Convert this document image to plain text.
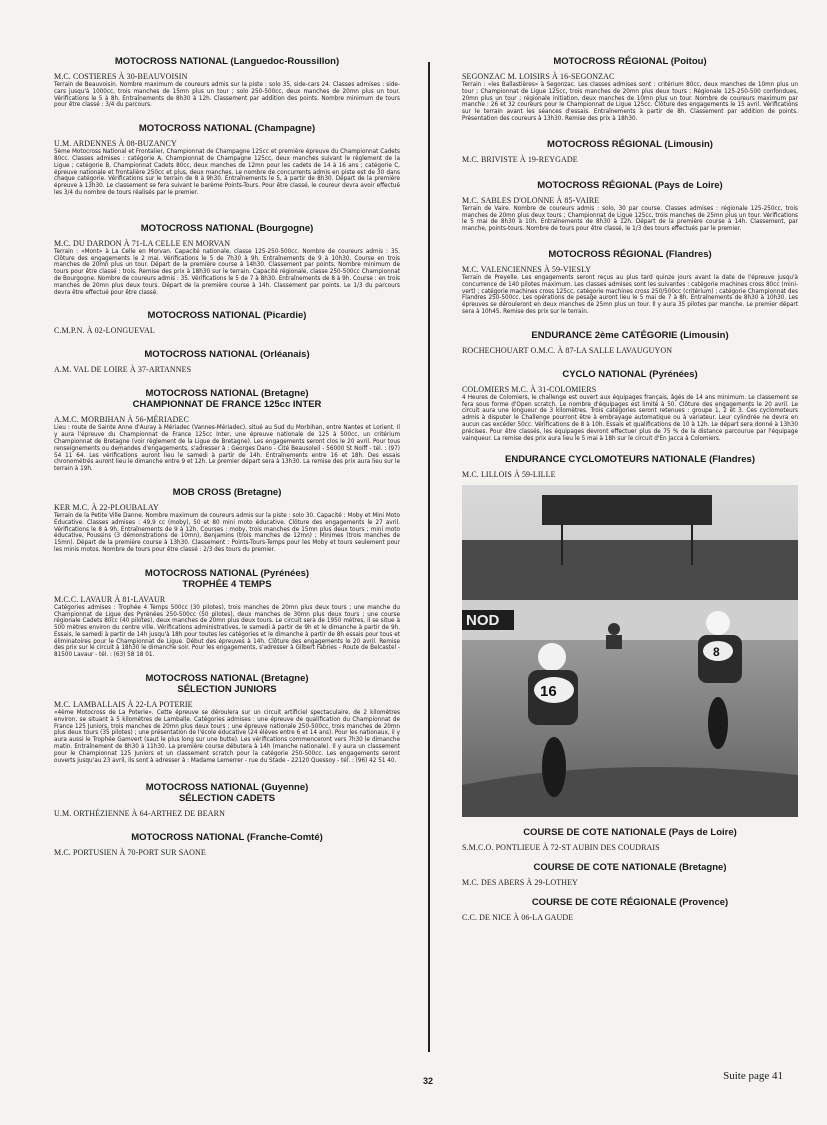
MOTOCROSS NATIONAL (Languedoc-Roussillon)

M.C. COSTIERES À 30-BEAUVOISIN

Terrain de Beauvoisin. Nombre maximum de coureurs admis sur la piste : solo 35, side-cars 24. Classes admises : side-cars jusqu'à 1000cc, trois manches de 15mn plus un tour ; solo 250-500cc, deux manches de 20mn plus un tour. Vérifications le 5 à 8h. Entraînements de 8h30 à 12h. Classement par addition des points. Nombre minimum de tours pour être classé : 3/4 du parcours.

MOTOCROSS NATIONAL (Champagne)

U.M. ARDENNES À 08-BUZANCY

5ème Motocross National et Frontalier, Championnat de Champagne 125cc et première épreuve du Championnat Cadets 80cc. Classes admises : catégorie A, Championnat de Champagne 125cc, deux manches suivant le règlement de la Ligue ; catégorie B, Championnat Cadets 80cc, deux manches de 12mn pour les cadets de 14 à 16 ans ; catégorie C, épreuve nationale et frontalière 250cc et plus, deux manches. Le nombre de concurrents admis en piste est de 30 dans chaque catégorie. Vérifications sur le terrain de 8 à 9h30. Entraînements le 5, à partir de 8h30. Départ de la première épreuve à 13h30. Le classement se fera suivant le barème Points-Tours. Pour être classé, le coureur devra avoir effectué les 3/4 du nombre de tours réalisés par le premier.

MOTOCROSS NATIONAL (Bourgogne)

M.C. DU DARDON À 71-LA CELLE EN MORVAN

Terrain : «Mont» à La Celle en Morvan. Capacité nationale, classe 125-250-500cc. Nombre de coureurs admis : 35. Clôture des engagements le 2 mai. Vérifications le 5 de 7h30 à 9h. Entraînements de 9 à 10h30. Course en trois manches de 20mn plus un tour. Départ de la première course à 14h30. Classement par points. Nombre minimum de tours pour être classé : trois. Remise des prix à 18h30 sur le terrain. Capacité régionale, classe 250-500cc Championnat de Bourgogne. Nombre de coureurs admis : 35. Vérifications le 5 de 7 à 8h30. Entraînements de 8 à 9h. Course : en trois manches de 20mn plus deux tours. Départ de la première course à 14h. Classement par points. Le 1/3 du parcours devra être effectué pour être classé.

MOTOCROSS NATIONAL (Picardie)

C.M.P.N. À 02-LONGUEVAL

MOTOCROSS NATIONAL (Orléanais)

A.M. VAL DE LOIRE À 37-ARTANNES

MOTOCROSS NATIONAL (Bretagne)
CHAMPIONNAT DE FRANCE 125cc INTER

A.M.C. MORBIHAN À 56-MÉRIADEC

Lieu : route de Sainte Anne d'Auray à Mériadec (Vannes-Mériadec), situé au Sud du Morbihan, entre Nantes et Lorient. Il y aura l'épreuve du Championnat de France 125cc Inter, une épreuve nationale de 125 à 500cc, un critérium Championnat de Bretagne (voir règlement de la Ligue de Bretagne). Les engagements seront clos le 20 avril. Pour tous renseignements ou demandes d'engagements, s'adresser à : Georges Dano - Cité Beausoleil - 56000 St Noiff - tél. : (97) 54 11 64. Les vérifications auront lieu le samedi à partir de 14h. Entraînements entre 16 et 18h. Des essais chronométrés auront lieu le dimanche entre 9 et 12h. Le premier départ sera à 13h30. La remise des prix aura lieu sur le terrain à 19h.

MOB CROSS (Bretagne)

KER M.C. À 22-PLOUBALAY

Terrain de la Petite Ville Danne. Nombre maximum de coureurs admis sur la piste : solo 30. Capacité : Moby et Mini Moto Éducative. Classes admises : 49,9 cc (moby), 50 et 80 mini moto éducative. Clôture des engagements le 27 avril. Vérifications le 8 à 9h. Entraînements de 9 à 12h. Courses : moby, trois manches de 15mn plus deux tours ; mini moto éducative, Poussins (3 démonstrations de 10mn), Benjamins (trois manches de 12mn) ; Minimes (trois manches de 15mn). Départ de la première course à 13h30. Classement : Points-Tours-Temps pour les Moby et tours seulement pour les minis motos. Nombre de tours pour être classé : 2/3 des tours du premier.

MOTOCROSS NATIONAL (Pyrénées)
TROPHÉE 4 TEMPS

M.C.C. LAVAUR À 81-LAVAUR

Catégories admises : Trophée 4 Temps 500cc (30 pilotes), trois manches de 20mn plus deux tours ; une manche du Championnat de Ligue des Pyrénées 250-500cc (50 pilotes), deux manches de 30mn plus deux tours ; une course régionale Cadets 80cc (40 pilotes), deux manches de 20mn plus deux tours. Le circuit sera de 1950 mètres, il se situe à 500 mètres environ du centre ville. Vérifications administratives, le samedi à partir de 9h et le dimanche à partir de 9h. Essais, le samedi à partir de 14h jusqu'à 18h pour toutes les catégories et le dimanche à partir de 8h essais pour tous et éliminatoires pour le Championnat de Ligue. Début des épreuves à 14h. Clôture des engagements le 20 avril. Remise des prix sur le circuit à 18h30 le dimanche soir. Pour les engagements, s'adresser à Gilbert Fabries - Route de Belcastel - 81500 Lavaur - tél. : (63) 58 18 01.

MOTOCROSS NATIONAL (Bretagne)
SÉLECTION JUNIORS

M.C. LAMBALLAIS À 22-LA POTERIE

«4ème Motocross de La Poterie». Cette épreuve se déroulera sur un circuit artificiel spectaculaire, de 2 kilomètres environ, se situant à 5 kilomètres de Lamballe. Catégories admises : une épreuve de qualification du Championnat de France 125 Juniors, trois manches de 20mn plus deux tours ; une épreuve nationale 250-500cc, trois manches de 20mn plus deux tours (35 pilotes) ; une présentation de l'école éducative (24 élèves entre 6 et 14 ans). Pour les nationaux, il y aura aussi le Trophée Gamvert (saut le plus long sur une butte). Les vérifications commenceront vers 7h30 le dimanche matin. Entraînement de 8h30 à 11h30. La première course débutera à 14h (manche nationale). Il y aura un classement pour le Championnat 125 Juniors et un classement scratch pour la catégorie 250-500cc. Les engagements seront ouverts jusqu'au 23 avril, ils sont à adresser à : Madame Lemerrer - rue du Stade - 22120 Quessoy - tél. : (96) 42 51 40.

MOTOCROSS NATIONAL (Guyenne)
SÉLECTION CADETS

U.M. ORTHÉZIENNE À 64-ARTHEZ DE BEARN

MOTOCROSS NATIONAL (Franche-Comté)

M.C. PORTUSIEN À 70-PORT SUR SAONE

MOTOCROSS RÉGIONAL (Poitou)

SEGONZAC M. LOISIRS À 16-SEGONZAC

Terrain : «les Ballastières» à Segonzac. Les classes admises sont : critérium 80cc, deux manches de 10mn plus un tour ; Championnat de Ligue 125cc, trois manches de 20mn plus deux tours ; Régionale 125-250-500 confondues, 20mn plus un tour ; régionale initiation, deux manches de 10mn plus un tour. Nombre de coureurs maximum par manche : 26 et 32 coureurs pour le Championnat de Ligue 125cc. Clôture des engagements le 15 avril. Vérifications sur le terrain avant les séances d'essais. Entraînements à partir de 8h. Classement par addition de points. Présentation des coureurs à 13h30. Remise des prix à 18h30.

MOTOCROSS RÉGIONAL (Limousin)

M.C. BRIVISTE À 19-REYGADE

MOTOCROSS RÉGIONAL (Pays de Loire)

M.C. SABLES D'OLONNE À 85-VAIRE

Terrain de Vaire. Nombre de coureurs admis : solo, 30 par course. Classes admises : régionale 125-250cc, trois manches de 20mn plus deux tours ; Championnat de Ligue 125cc, trois manches de 25mn plus un tour. Vérifications le 5 mai de 8h30 à 10h. Entraînements de 8h30 à 12h. Départ de la première course à 14h. Classement, par manche, points-tours. Nombre de tours pour être classé, le 1/3 des tours effectués par le premier.

MOTOCROSS RÉGIONAL (Flandres)

M.C. VALENCIENNES À 59-VIESLY

Terrain de Preyelle. Les engagements seront reçus au plus tard quinze jours avant la date de l'épreuve jusqu'à concurrence de 140 pilotes maximum. Les classes admises sont les suivantes : catégorie machines cross 80cc (mini-vert) ; catégorie machines cross 125cc, catégorie machines cross 250/500cc (critérium) ; catégorie Championnat des Flandres 250-500cc. Les opérations de pesage auront lieu le 5 mai de 7 à 8h. Entraînements de 8h30 à 10h30. Les épreuves se dérouleront en deux manches de 25mn plus un tour. Il y aura 35 pilotes par manche. Le premier départ sera à 10h45. Remise des prix sur le terrain.

ENDURANCE 2ème CATÉGORIE (Limousin)

ROCHECHOUART O.M.C. À 87-LA SALLE LAVAUGUYON

CYCLO NATIONAL (Pyrénées)

COLOMIERS M.C. À 31-COLOMIERS

4 Heures de Colomiers, le challenge est ouvert aux équipages français, âgés de 14 ans minimum. Le classement se fera sous forme d'Open scratch. Le nombre d'équipages est limité à 50. Clôture des engagements le 20 avril. Le circuit aura une longueur de 3 kilomètres. Trois catégories seront retenues : groupe 1, 2 et 3. Ces cyclomoteurs admis à disputer le Challenge pourront être à embrayage automatique ou à variateur. Leur cylindrée ne devra en aucun cas excéder 50cc. Vérifications de 8 à 10h. Essais et qualifications de 10 à 12h. Le départ sera donné à 13h30 précises. Pour être classés, les équipages devront effectuer plus de 75 % de la distance parcourue par l'équipage vainqueur. La remise des prix aura lieu le 5 mai à 18h sur le circuit d'En Jacca à Colomiers.

ENDURANCE CYCLOMOTEURS NATIONALE (Flandres)

M.C. LILLOIS À 59-LILLE

NOD
16
8

COURSE DE COTE NATIONALE (Pays de Loire)

S.M.C.O. PONTLIEUE À 72-ST AUBIN DES COUDRAIS

COURSE DE COTE NATIONALE (Bretagne)

M.C. DES ABERS À 29-LOTHEY

COURSE DE COTE RÉGIONALE (Provence)

C.C. DE NICE À 06-LA GAUDE

32	Suite page 41
